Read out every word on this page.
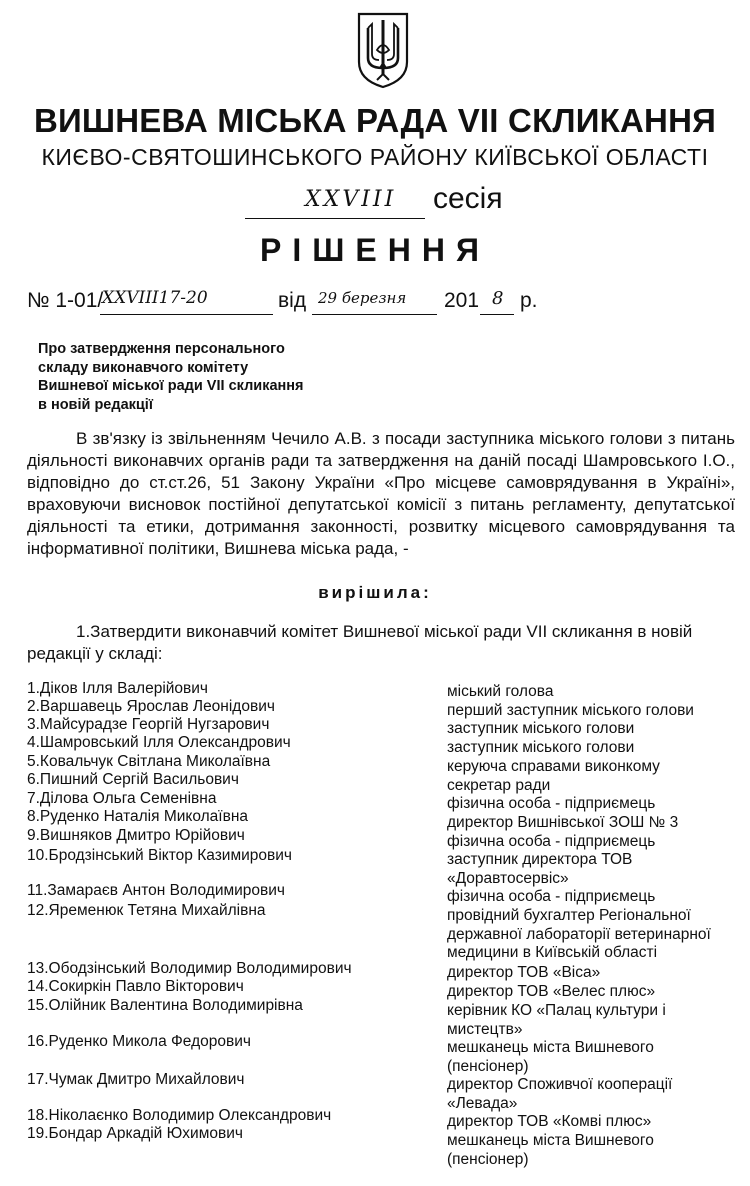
ВИШНЕВА МІСЬКА РАДА VII СКЛИКАННЯ
КИЄВО-СВЯТОШИНСЬКОГО РАЙОНУ КИЇВСЬКОЇ ОБЛАСТІ
XXVIII сесія
РІШЕННЯ
№ 1-01/
XXVIII17-20	від 29 березня 201 8 р.
Про затвердження персонального складу виконавчого комітету Вишневої міської ради VII скликання в новій редакції
В зв'язку із звільненням Чечило А.В. з посади заступника міського голови з питань діяльності виконавчих органів ради та затвердження на даній посаді Шамровського І.О., відповідно до ст.ст.26, 51 Закону України «Про місцеве самоврядування в Україні», враховуючи висновок постійної депутатської комісії з питань регламенту, депутатської діяльності та етики, дотримання законності, розвитку місцевого самоврядування та інформативної політики, Вишнева міська рада, -
вирішила:
1.Затвердити виконавчий комітет Вишневої міської ради VII скликання в новій редакції у складі:
1.Діков Ілля Валерійович	міський голова
2.Варшавець Ярослав Леонідович	перший заступник міського голови
3.Майсурадзе Георгій Нугзарович	заступник міського голови
4.Шамровський Ілля Олександрович	заступник міського голови
5.Ковальчук Світлана Миколаївна	керуюча справами виконкому
6.Пишний Сергій Васильович	секретар ради
7.Ділова Ольга Семенівна	фізична особа - підприємець
8.Руденко Наталія Миколаївна	директор Вишнівської ЗОШ № 3
9.Вишняков Дмитро Юрійович	фізична особа - підприємець
10.Бродзінський Віктор Казимирович	заступник директора ТОВ
«Доравтосервіс»
11.Замараєв Антон Володимирович	фізична особа - підприємець
12.Яременюк Тетяна Михайлівна	провідний бухгалтер Регіональної
державної лабораторії ветеринарної
медицини в Київській області
13.Ободзінський Володимир Володимирович	директор ТОВ «Віса»
14.Сокиркін Павло Вікторович	директор ТОВ «Велес плюс»
15.Олійник Валентина Володимирівна	керівник КО «Палац культури і
мистецтв»
16.Руденко Микола Федорович	мешканець міста Вишневого
(пенсіонер)
17.Чумак Дмитро Михайлович	директор Споживчої кооперації
«Левада»
18.Ніколаєнко Володимир Олександрович	директор ТОВ «Комві плюс»
19.Бондар Аркадій Юхимович	мешканець міста Вишневого
(пенсіонер)
